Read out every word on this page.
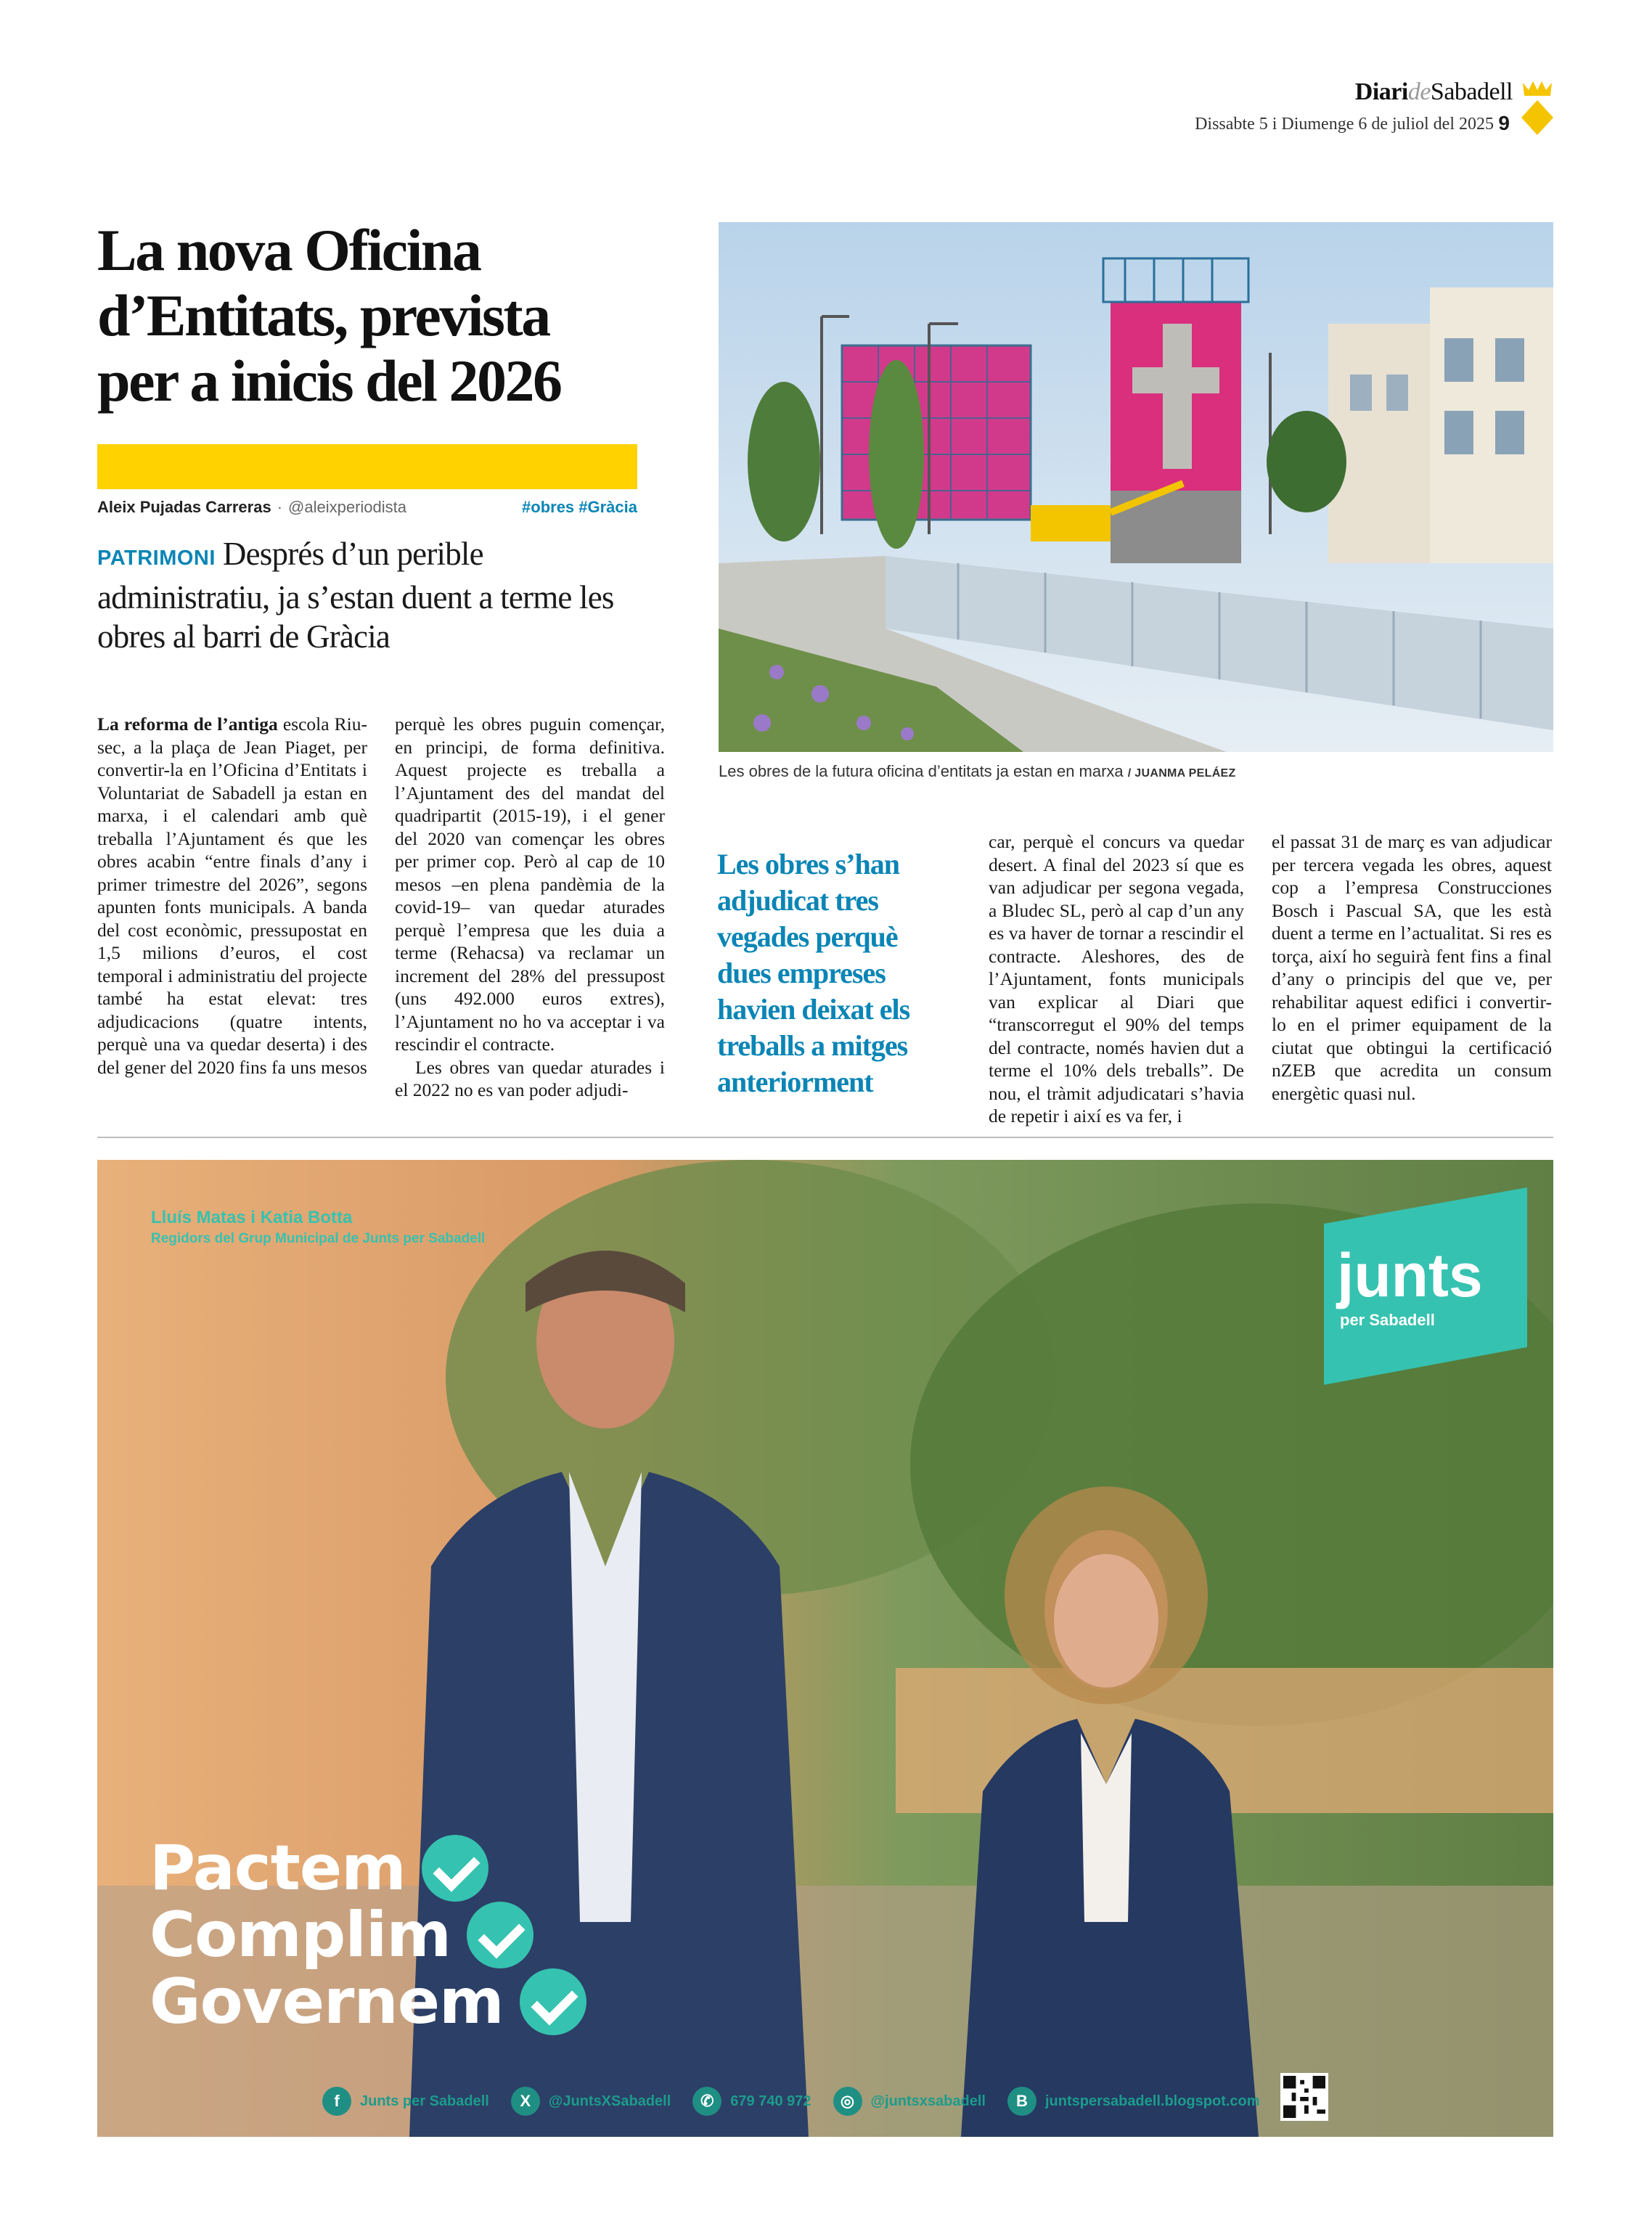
DiarideSabadell
Dissabte 5 i Diumenge 6 de juliol del 2025 9
La nova Oficina
d’Entitats, prevista
per a inicis del 2026
Aleix Pujadas Carreras · @aleixperiodista	#obres #Gràcia
PATRIMONI Després d’un perible administratiu, ja s’estan duent a terme les obres al barri de Gràcia
Les obres de la futura oficina d’entitats ja estan en marxa / JUANMA PELÁEZ

La reforma de l’antiga escola Riu-sec, a la plaça de Jean Piaget, per convertir-la en l’Oficina d’Entitats i Voluntariat de Sabadell ja estan en marxa, i el calendari amb què treballa l’Ajuntament és que les obres acabin “entre finals d’any i primer trimestre del 2026”, segons apunten fonts municipals. A banda del cost econòmic, pressupostat en 1,5 milions d’euros, el cost temporal i administratiu del projecte també ha estat elevat: tres adjudicacions (quatre intents, perquè una va quedar deserta) i des del gener del 2020 fins fa uns mesos

perquè les obres puguin començar, en principi, de forma definitiva. Aquest projecte es treballa a l’Ajuntament des del mandat del quadripartit (2015-19), i el gener del 2020 van començar les obres per primer cop. Però al cap de 10 mesos –en plena pandèmia de la covid-19– van quedar aturades perquè l’empresa que les duia a terme (Rehacsa) va reclamar un increment del 28% del pressupost (uns 492.000 euros extres), l’Ajuntament no ho va acceptar i va rescindir el contracte.

Les obres van quedar aturades i el 2022 no es van poder adjudi-

Les obres s’han adjudicat tres vegades perquè dues empreses havien deixat els treballs a mitges anteriorment

car, perquè el concurs va quedar desert. A final del 2023 sí que es van adjudicar per segona vegada, a Bludec SL, però al cap d’un any es va haver de tornar a rescindir el contracte. Aleshores, des de l’Ajuntament, fonts municipals van explicar al Diari que “transcorregut el 90% del temps del contracte, només havien dut a terme el 10% dels treballs”. De nou, el tràmit adjudicatari s’havia de repetir i així es va fer, i

el passat 31 de març es van adjudicar per tercera vegada les obres, aquest cop a l’empresa Construcciones Bosch i Pascual SA, que les està duent a terme en l’actualitat. Si res es torça, així ho seguirà fent fins a final d’any o principis del que ve, per rehabilitar aquest edifici i convertir-lo en el primer equipament de la ciutat que obtingui la certificació nZEB que acredita un consum energètic quasi nul.

Lluís Matas i Katia Botta
Regidors del Grup Municipal de Junts per Sabadell
junts
per Sabadell
Pactem
Complim
Governem
f	Junts per Sabadell	X	@JuntsXSabadell	✆	679 740 972	◎	@juntsxsabadell	B	juntspersabadell.blogspot.com
